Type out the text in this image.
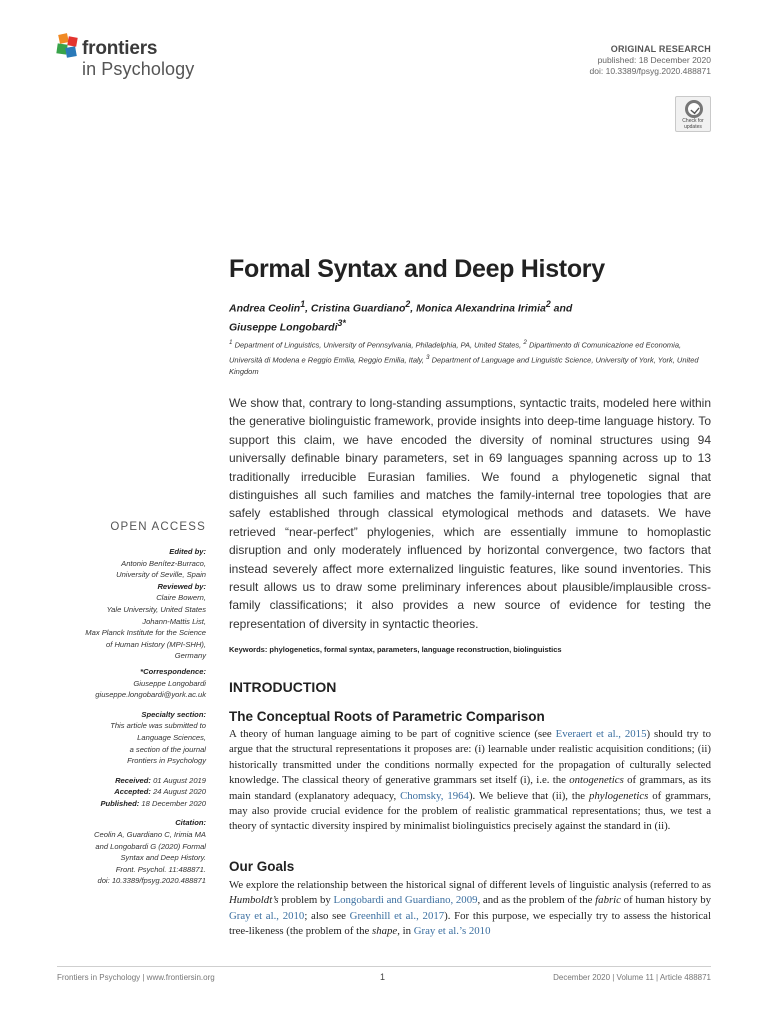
frontiers
in Psychology
ORIGINAL RESEARCH
published: 18 December 2020
doi: 10.3389/fpsyg.2020.488871
Check for updates
Formal Syntax and Deep History
Andrea Ceolin$^1$, Cristina Guardiano$^2$, Monica Alexandrina Irimia$^2$ and
Giuseppe Longobardi$^{3*}$
$^1$ Department of Linguistics, University of Pennsylvania, Philadelphia, PA, United States, $^2$ Dipartimento di Comunicazione ed Economia, Università di Modena e Reggio Emilia, Reggio Emilia, Italy, $^3$ Department of Language and Linguistic Science, University of York, York, United Kingdom

We show that, contrary to long-standing assumptions, syntactic traits, modeled here within the generative biolinguistic framework, provide insights into deep-time language history. To support this claim, we have encoded the diversity of nominal structures using 94 universally definable binary parameters, set in 69 languages spanning across up to 13 traditionally irreducible Eurasian families. We found a phylogenetic signal that distinguishes all such families and matches the family-internal tree topologies that are safely established through classical etymological methods and datasets. We have retrieved “near-perfect” phylogenies, which are essentially immune to homoplastic disruption and only moderately influenced by horizontal convergence, two factors that instead severely affect more externalized linguistic features, like sound inventories. This result allows us to draw some preliminary inferences about plausible/implausible cross-family classifications; it also provides a new source of evidence for testing the representation of diversity in syntactic theories.

Keywords: phylogenetics, formal syntax, parameters, language reconstruction, biolinguistics

INTRODUCTION
The Conceptual Roots of Parametric Comparison

A theory of human language aiming to be part of cognitive science (see Everaert et al., 2015) should try to argue that the structural representations it proposes are: (i) learnable under realistic acquisition conditions; (ii) historically transmitted under the conditions normally expected for the propagation of culturally selected knowledge. The classical theory of generative grammars set itself (i), i.e. the ontogenetics of grammars, as its main standard (explanatory adequacy, Chomsky, 1964). We believe that (ii), the phylogenetics of grammars, may also provide crucial evidence for the problem of realistic grammatical representations; thus, we test a theory of syntactic diversity inspired by minimalist biolinguistics precisely against the standard in (ii).

Our Goals

We explore the relationship between the historical signal of different levels of linguistic analysis (referred to as Humboldt’s problem by Longobardi and Guardiano, 2009, and as the problem of the fabric of human history by Gray et al., 2010; also see Greenhill et al., 2017). For this purpose, we especially try to assess the historical tree-likeness (the problem of the shape, in Gray et al.’s 2010

OPEN ACCESS
Edited by:
Antonio Benítez-Burraco,
University of Seville, Spain
Reviewed by:
Claire Bowern,
Yale University, United States
Johann-Mattis List,
Max Planck Institute for the Science
of Human History (MPI-SHH),
Germany
*Correspondence:
Giuseppe Longobardi
giuseppe.longobardi@york.ac.uk
Specialty section:
This article was submitted to
Language Sciences,
a section of the journal
Frontiers in Psychology
Received: 01 August 2019
Accepted: 24 August 2020
Published: 18 December 2020
Citation:
Ceolin A, Guardiano C, Irimia MA
and Longobardi G (2020) Formal
Syntax and Deep History.
Front. Psychol. 11:488871.
doi: 10.3389/fpsyg.2020.488871
Frontiers in Psychology | www.frontiersin.org	1	December 2020 | Volume 11 | Article 488871
